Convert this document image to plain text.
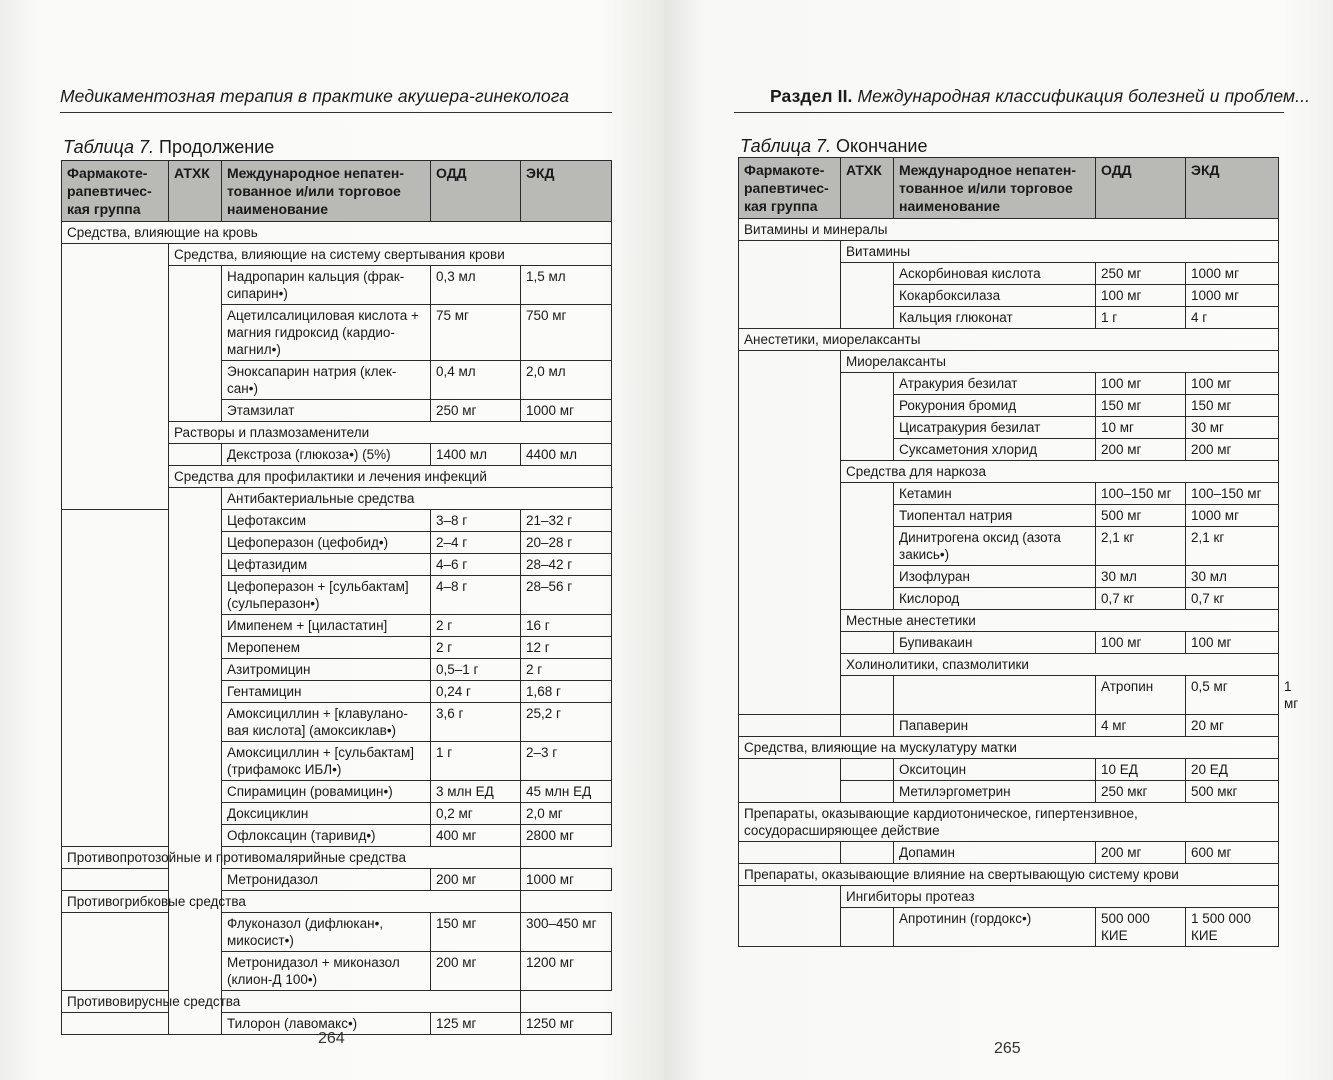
Медикаментозная терапия в практике акушера-гинеколога
Таблица 7. Продолжение
Фармакоте-рапевтичес-кая группа	АТХК	Международное непатен-тованное и/или торговое наименование	ОДД	ЭКД
Средства, влияющие на кровь				
	Средства, влияющие на систему свертывания крови			
		Надропарин кальция (фрак-сипарин•)	0,3 мл	1,5 мл
		Ацетилсалициловая кислота + магния гидроксид (кардио-магнил•)	75 мг	750 мг
		Эноксапарин натрия (клек-сан•)	0,4 мл	2,0 мл
		Этамзилат	250 мг	1000 мг
	Растворы и плазмозаменители			
		Декстроза (глюкоза•) (5%)	1400 мл	4400 мл
	Средства для профилактики и лечения инфекций			
		Антибактериальные средства		
		Цефотаксим	3–8 г	21–32 г
		Цефоперазон (цефобид•)	2–4 г	20–28 г
		Цефтазидим	4–6 г	28–42 г
		Цефоперазон + [сульбактам] (сульперазон•)	4–8 г	28–56 г
		Имипенем + [циластатин]	2 г	16 г
		Меропенем	2 г	12 г
		Азитромицин	0,5–1 г	2 г
		Гентамицин	0,24 г	1,68 г
		Амоксициллин + [клавулано-вая кислота] (амоксиклав•)	3,6 г	25,2 г
		Амоксициллин + [сульбактам] (трифамокс ИБЛ•)	1 г	2–3 г
		Спирамицин (ровамицин•)	3 млн ЕД	45 млн ЕД
		Доксициклин	0,2 мг	2,0 мг
		Офлоксацин (таривид•)	400 мг	2800 мг
Противопротозойные и противомалярийные средства				
		Метронидазол	200 мг	1000 мг
Противогрибковые средства				
		Флуконазол (дифлюкан•, микосист•)	150 мг	300–450 мг
		Метронидазол + миконазол (клион-Д 100•)	200 мг	1200 мг
Противовирусные средства				
		Тилорон (лавомакс•)	125 мг	1250 мг
264
Раздел II. Международная классификация болезней и проблем...
Таблица 7. Окончание
Фармакоте-рапевтичес-кая группа	АТХК	Международное непатен-тованное и/или торговое наименование	ОДД	ЭКД	
Витамины и минералы					
	Витамины				
		Аскорбиновая кислота	250 мг	1000 мг	
		Кокарбоксилаза	100 мг	1000 мг	
		Кальция глюконат	1 г	4 г	
Анестетики, миорелаксанты					
	Миорелаксанты				
		Атракурия безилат	100 мг	100 мг	
		Рокурония бромид	150 мг	150 мг	
		Цисатракурия безилат	10 мг	30 мг	
		Суксаметония хлорид	200 мг	200 мг	
	Средства для наркоза				
		Кетамин	100–150 мг	100–150 мг	
		Тиопентал натрия	500 мг	1000 мг	
		Динитрогена оксид (азота закись•)	2,1 кг	2,1 кг	
		Изофлуран	30 мл	30 мл	
		Кислород	0,7 кг	0,7 кг	
	Местные анестетики				
		Бупивакаин	100 мг	100 мг	
	Холинолитики, спазмолитики				
			Атропин	0,5 мг	1 мг
		Папаверин	4 мг	20 мг	
Средства, влияющие на мускулатуру матки					
		Окситоцин	10 ЕД	20 ЕД	
		Метилэргометрин	250 мкг	500 мкг	
Препараты, оказывающие кардиотоническое, гипертензивное, сосудорасширяющее действие					
		Допамин	200 мг	600 мг	
Препараты, оказывающие влияние на свертывающую систему крови					
	Ингибиторы протеаз				
		Апротинин (гордокс•)	500 000 КИЕ	1 500 000 КИЕ	
265
